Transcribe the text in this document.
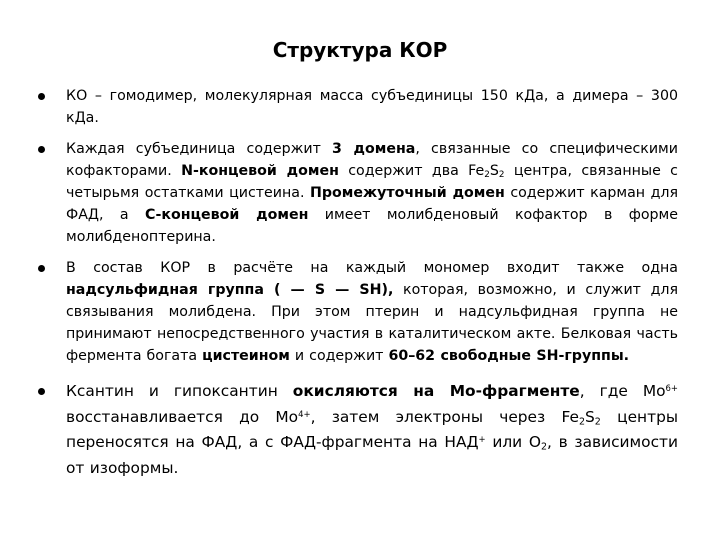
Структура КОР
КО – гомодимер, молекулярная масса субъединицы 150 кДа, а димера – 300 кДа.
Каждая субъединица содержит 3 домена, связанные со специфическими кофакторами. N-концевой домен содержит два $Fe_2S_2$ центра, связанные с четырьмя остатками цистеина. Промежуточный домен содержит карман для ФАД, а С-концевой домен имеет молибденовый кофактор в форме молибденоптерина.
В состав КОР в расчёте на каждый мономер входит также одна надсульфидная группа ( — S — SH), которая, возможно, и служит для связывания молибдена. При этом птерин и надсульфидная группа не принимают непосредственного участия в каталитическом акте. Белковая часть фермента богата цистеином и содержит 60–62 свободные SH-группы.
Ксантин и гипоксантин окисляются на Мо-фрагменте, где $Мо^{6+}$ восстанавливается до $Мо^{4+}$, затем электроны через $Fe_2S_2$ центры переносятся на ФАД, а с ФАД-фрагмента на НАД+ или $О_2$, в зависимости от изоформы.
